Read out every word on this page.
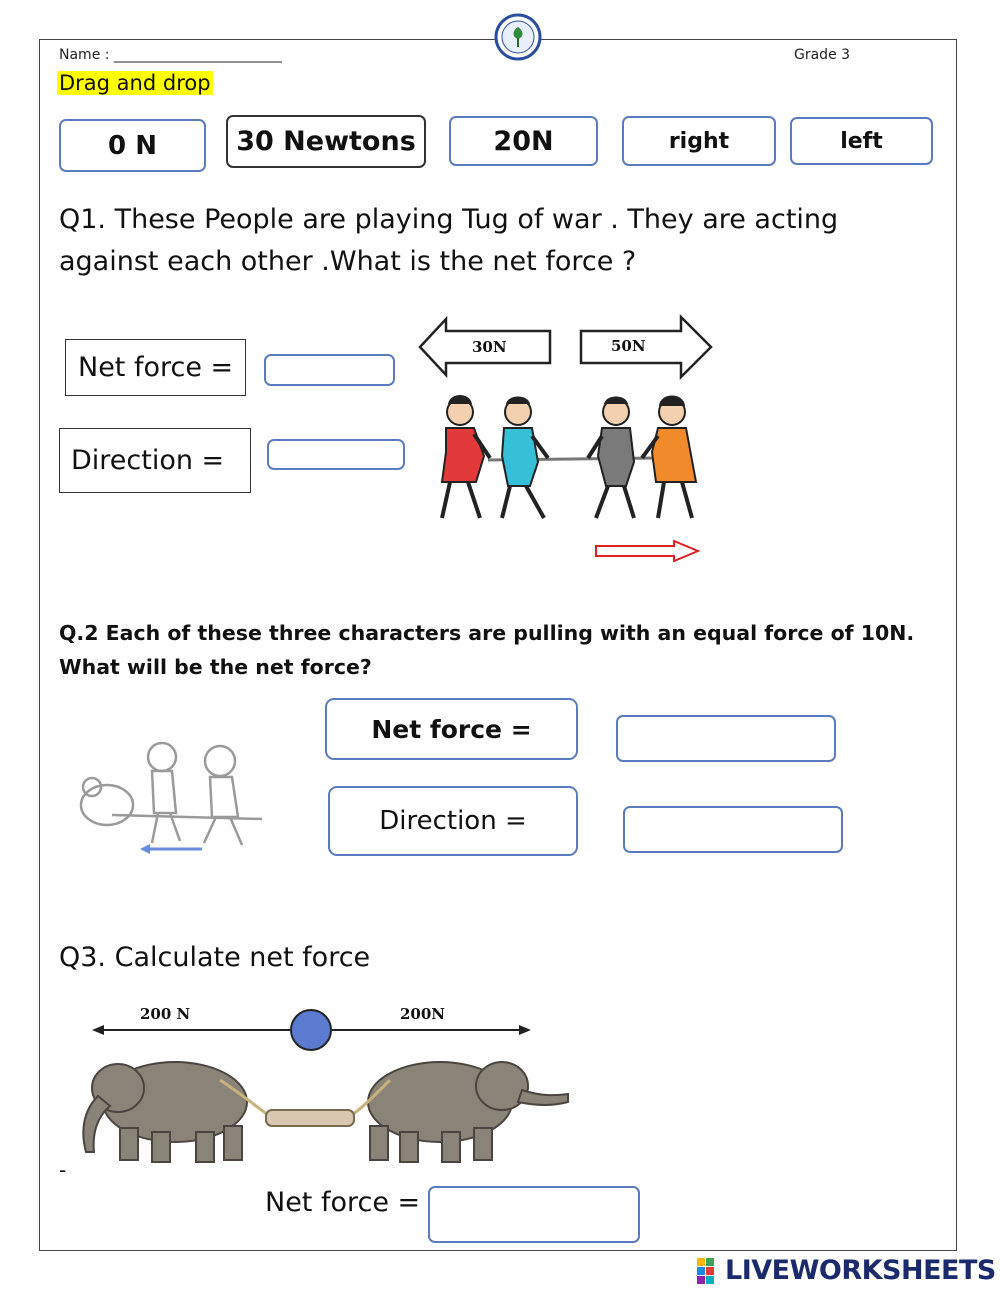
Name : ________________________	Grade 3
Drag and drop
0 N	30 Newtons	20N	right	left
Q1. These People are playing Tug of war . They are acting against each other .What is the net force ?
Net force =
Direction =
30N	50N
Q.2 Each of these three characters are pulling with an equal force of 10N. What will be the net force?
Net force =
Direction =
Q3. Calculate net force
200 N	200N
-
Net force =
LIVEWORKSHEETS
